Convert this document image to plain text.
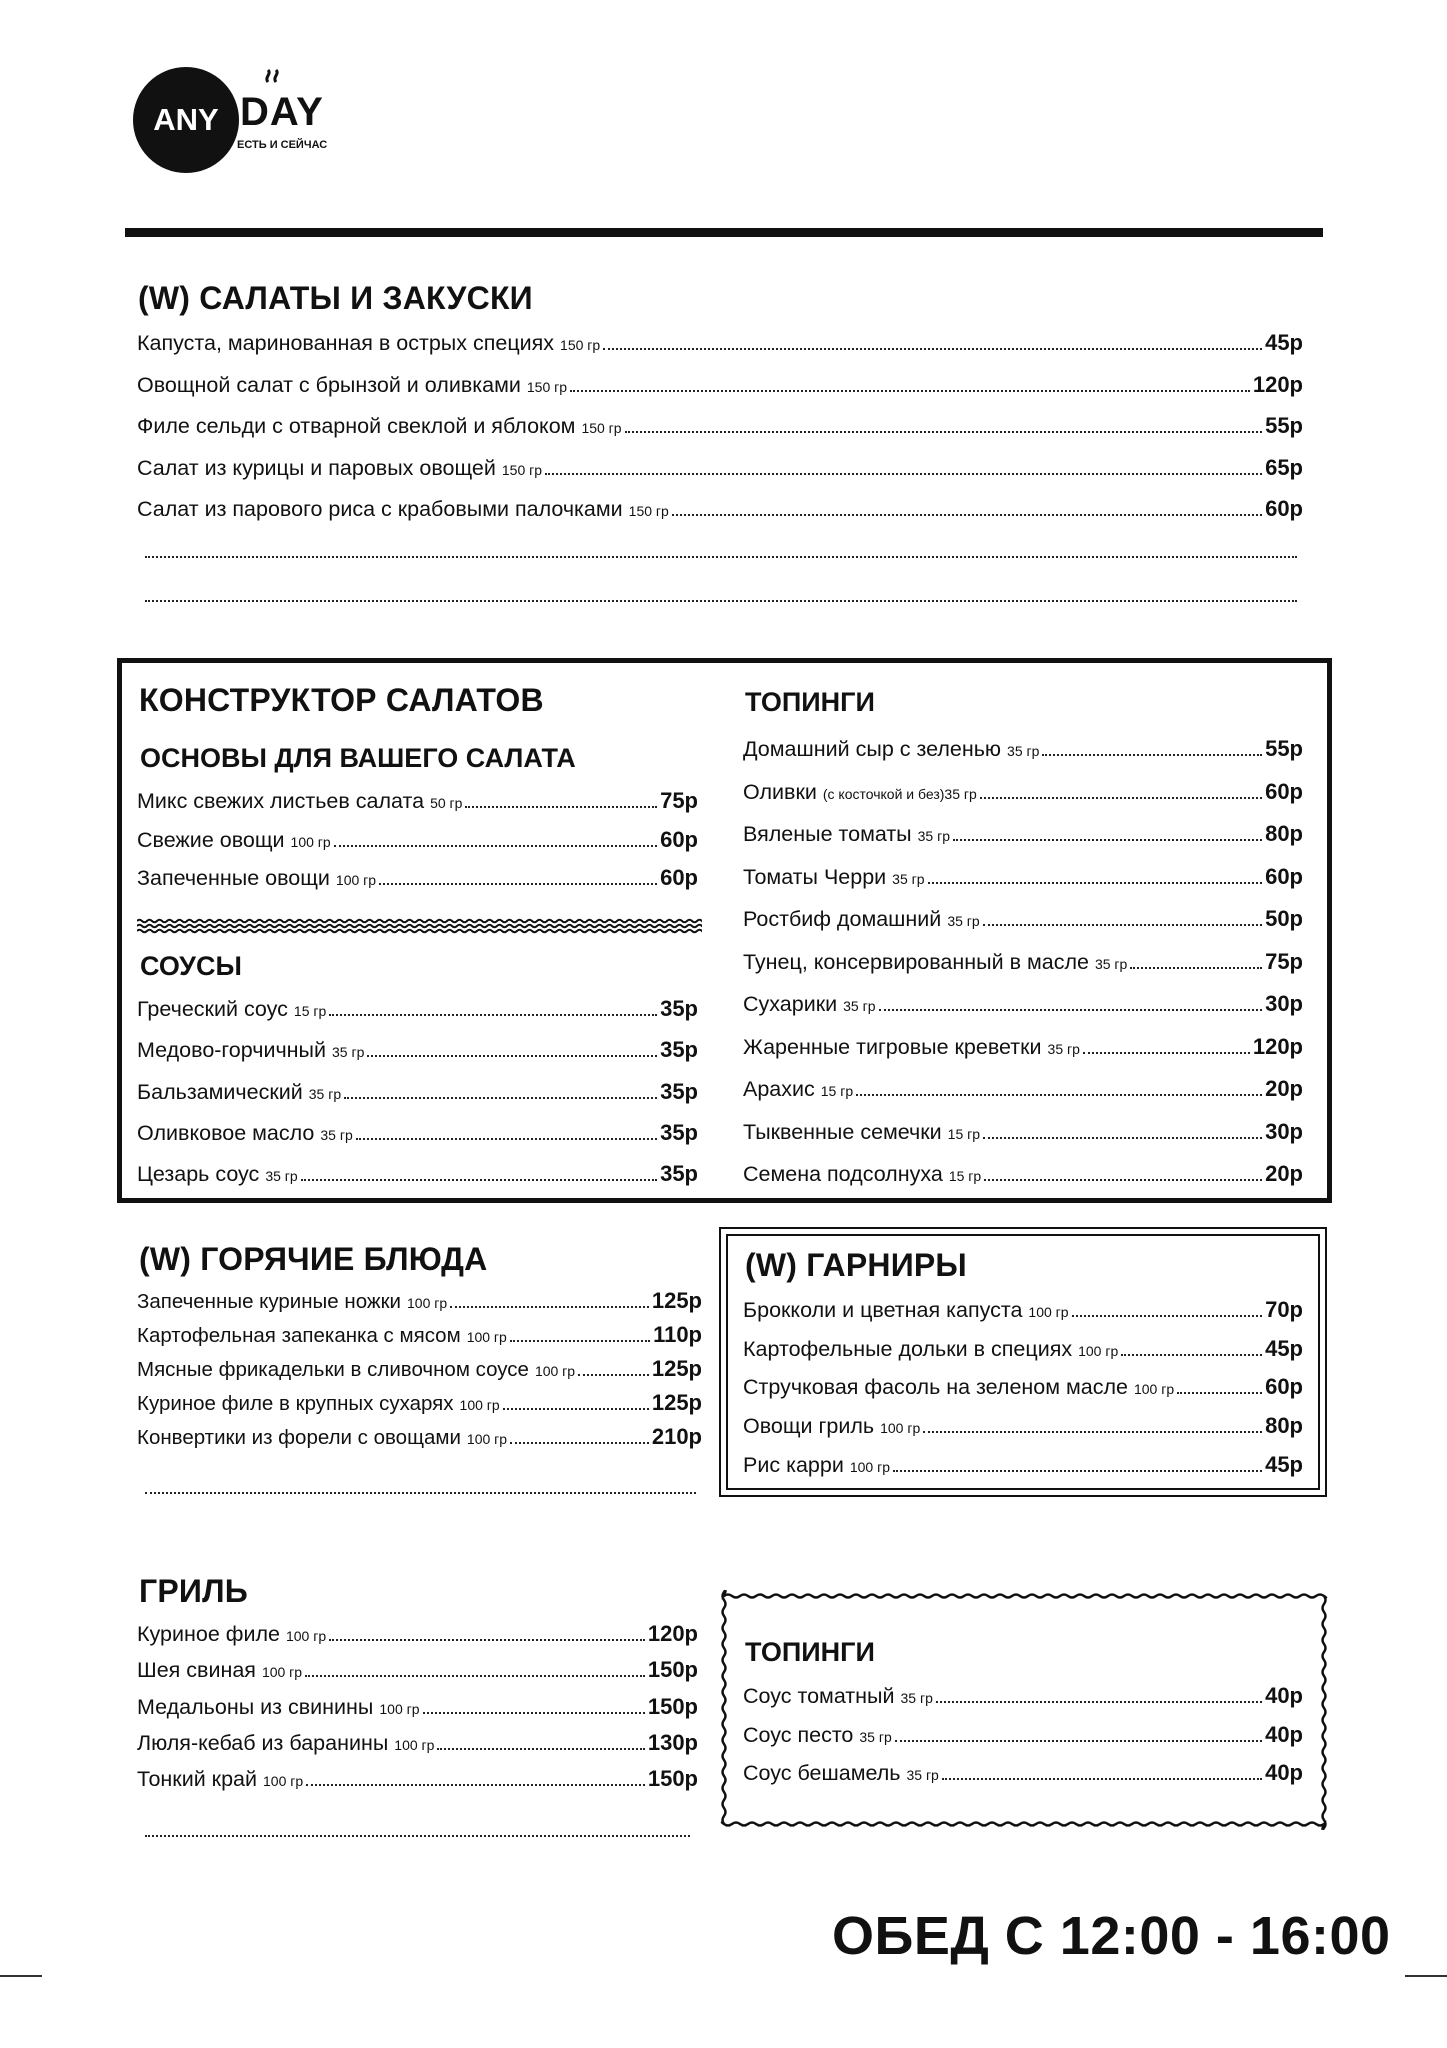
ANY DAY
ЕСТЬ И СЕЙЧАС
(W) САЛАТЫ И ЗАКУСКИ
Капуста, маринованная в острых специях 150 гр	45р
Овощной салат с брынзой и оливками 150 гр	120р
Филе сельди с отварной свеклой и яблоком 150 гр	55р
Салат из курицы и паровых овощей 150 гр	65р
Салат из парового риса с крабовыми палочками 150 гр	60р
КОНСТРУКТОР САЛАТОВ
ОСНОВЫ ДЛЯ ВАШЕГО САЛАТА
Микс свежих листьев салата 50 гр	75р
Свежие овощи 100 гр	60р
Запеченные овощи 100 гр	60р
СОУСЫ
Греческий соус 15 гр	35р
Медово-горчичный 35 гр	35р
Бальзамический 35 гр	35р
Оливковое масло 35 гр	35р
Цезарь соус 35 гр	35р
ТОПИНГИ
Домашний сыр с зеленью 35 гр	55р
Оливки (с косточкой и без)35 гр	60р
Вяленые томаты 35 гр	80р
Томаты Черри 35 гр	60р
Ростбиф домашний 35 гр	50р
Тунец, консервированный в масле 35 гр	75р
Сухарики 35 гр	30р
Жаренные тигровые креветки 35 гр	120р
Арахис 15 гр	20р
Тыквенные семечки 15 гр	30р
Семена подсолнуха 15 гр	20р
(W) ГОРЯЧИЕ БЛЮДА
Запеченные куриные ножки 100 гр	125р
Картофельная запеканка с мясом 100 гр	110р
Мясные фрикадельки в сливочном соусе 100 гр	125р
Куриное филе в крупных сухарях 100 гр	125р
Конвертики из форели с овощами 100 гр	210р
(W) ГАРНИРЫ
Брокколи и цветная капуста 100 гр	70р
Картофельные дольки в специях 100 гр	45р
Стручковая фасоль на зеленом масле 100 гр	60р
Овощи гриль 100 гр	80р
Рис карри 100 гр	45р
ГРИЛЬ
Куриное филе 100 гр	120р
Шея свиная 100 гр	150р
Медальоны из свинины 100 гр	150р
Люля-кебаб из баранины 100 гр	130р
Тонкий край 100 гр	150р
ТОПИНГИ
Соус томатный 35 гр	40р
Соус песто 35 гр	40р
Соус бешамель 35 гр	40р
ОБЕД С 12:00 - 16:00
